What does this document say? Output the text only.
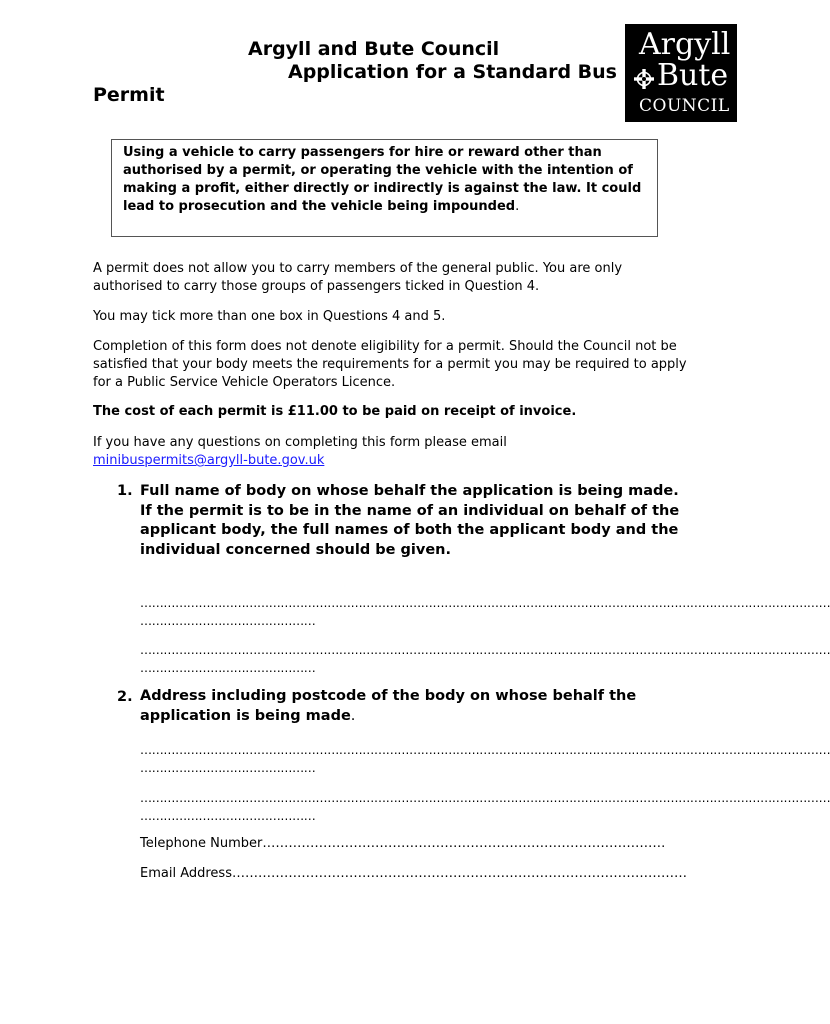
Argyll and Bute Council
Application for a Standard Bus
Permit
Argyll
Bute
COUNCIL
Using a vehicle to carry passengers for hire or reward other than authorised by a permit, or operating the vehicle with the intention of making a profit, either directly or indirectly is against the law. It could lead to prosecution and the vehicle being impounded.
A permit does not allow you to carry members of the general public. You are only authorised to carry those groups of passengers ticked in Question 4.
You may tick more than one box in Questions 4 and 5.
Completion of this form does not denote eligibility for a permit. Should the Council not be satisfied that your body meets the requirements for a permit you may be required to apply for a Public Service Vehicle Operators Licence.
The cost of each permit is £11.00 to be paid on receipt of invoice.
If you have any questions on completing this form please email
minibuspermits@argyll-bute.gov.uk
1. Full name of body on whose behalf the application is being made. If the permit is to be in the name of an individual on behalf of the applicant body, the full names of both the applicant body and the individual concerned should be given.
……………………………………………………………………………………………………………………………………………………………
………………………………………
……………………………………………………………………………………………………………………………………………………………
………………………………………
2. Address including postcode of the body on whose behalf the application is being made.
……………………………………………………………………………………………………………………………………………………………
………………………………………
……………………………………………………………………………………………………………………………………………………………
………………………………………
Telephone Number…………………………………………………………………………………
Email Address……………………………………………………………………………………………
